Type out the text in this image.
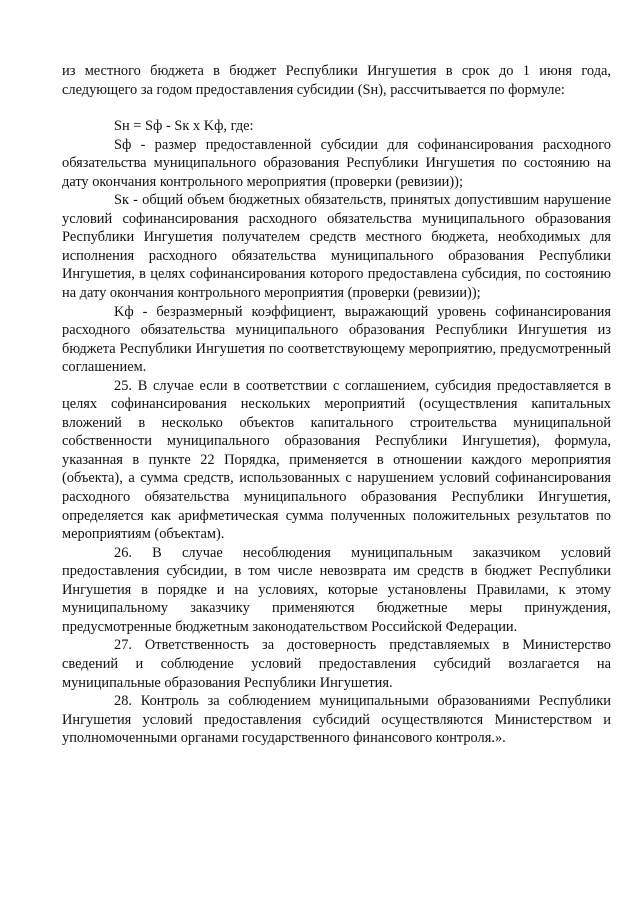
из местного бюджета в бюджет Республики Ингушетия в срок до 1 июня года, следующего за годом предоставления субсидии (Sн), рассчитывается по формуле:

Sн = Sф - Sк x Kф, где:

Sф - размер предоставленной субсидии для софинансирования расходного обязательства муниципального образования Республики Ингушетия по состоянию на дату окончания контрольного мероприятия (проверки (ревизии));

Sк - общий объем бюджетных обязательств, принятых допустившим нарушение условий софинансирования расходного обязательства муниципального образования Республики Ингушетия получателем средств местного бюджета, необходимых для исполнения расходного обязательства муниципального образования Республики Ингушетия, в целях софинансирования которого предоставлена субсидия, по состоянию на дату окончания контрольного мероприятия (проверки (ревизии));

Kф - безразмерный коэффициент, выражающий уровень софинансирования расходного обязательства муниципального образования Республики Ингушетия из бюджета Республики Ингушетия по соответствующему мероприятию, предусмотренный соглашением.

25. В случае если в соответствии с соглашением, субсидия предоставляется в целях софинансирования нескольких мероприятий (осуществления капитальных вложений в несколько объектов капитального строительства муниципальной собственности муниципального образования Республики Ингушетия), формула, указанная в пункте 22 Порядка, применяется в отношении каждого мероприятия (объекта), а сумма средств, использованных с нарушением условий софинансирования расходного обязательства муниципального образования Республики Ингушетия, определяется как арифметическая сумма полученных положительных результатов по мероприятиям (объектам).

26. В случае несоблюдения муниципальным заказчиком условий предоставления субсидии, в том числе невозврата им средств в бюджет Республики Ингушетия в порядке и на условиях, которые установлены Правилами, к этому муниципальному заказчику применяются бюджетные меры принуждения, предусмотренные бюджетным законодательством Российской Федерации.

27. Ответственность за достоверность представляемых в Министерство сведений и соблюдение условий предоставления субсидий возлагается на муниципальные образования Республики Ингушетия.

28. Контроль за соблюдением муниципальными образованиями Республики Ингушетия условий предоставления субсидий осуществляются Министерством и уполномоченными органами государственного финансового контроля.».
